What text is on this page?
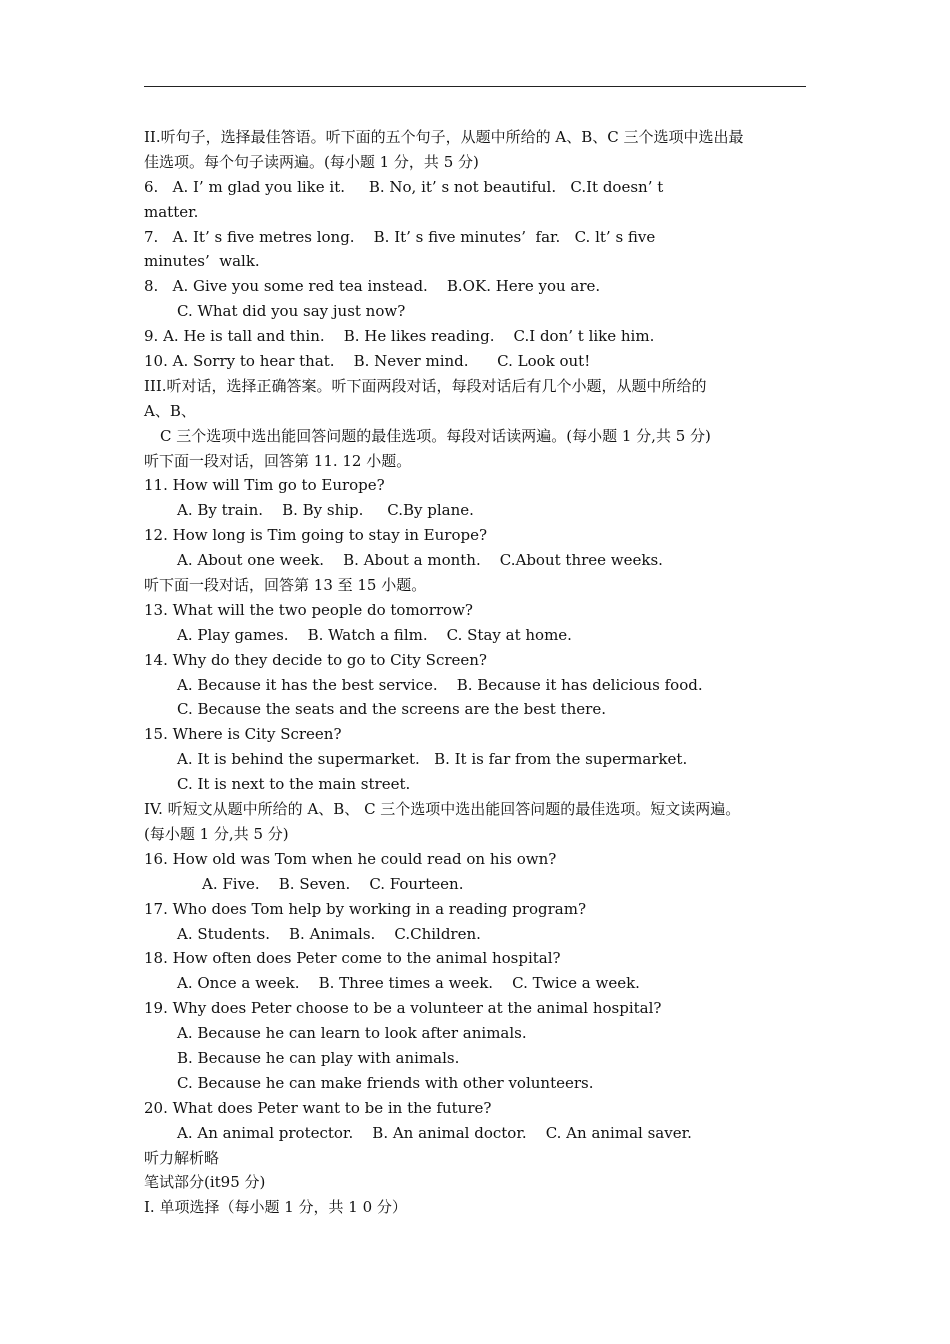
II.听句子，选择最佳答语。听下面的五个句子，从题中所给的 A、B、C 三个选项中选出最
佳选项。每个句子读两遍。(每小题 1 分，共 5 分)
6.   A. I’ m glad you like it.     B. No, it’ s not beautiful.   C.It doesn’ t
matter.
7.   A. It’ s five metres long.    B. It’ s five minutes’  far.   C. lt’ s five
minutes’  walk.
8.   A. Give you some red tea instead.    B.OK. Here you are.
C. What did you say just now?
9. A. He is tall and thin.    B. He likes reading.    C.I don’ t like him.
10. A. Sorry to hear that.    B. Never mind.      C. Look out!
III.听对话，选择正确答案。听下面两段对话，每段对话后有几个小题，从题中所给的
A、B、
C 三个选项中选出能回答问题的最佳选项。每段对话读两遍。(每小题 1 分,共 5 分)
听下面一段对话，回答第 11. 12 小题。
11. How will Tim go to Europe?
A. By train.    B. By ship.     C.By plane.
12. How long is Tim going to stay in Europe?
A. About one week.    B. About a month.    C.About three weeks.
听下面一段对话，回答第 13 至 15 小题。
13. What will the two people do tomorrow?
A. Play games.    B. Watch a film.    C. Stay at home.
14. Why do they decide to go to City Screen?
A. Because it has the best service.    B. Because it has delicious food.
C. Because the seats and the screens are the best there.
15. Where is City Screen?
A. It is behind the supermarket.   B. It is far from the supermarket.
C. It is next to the main street.
IV. 听短文从题中所给的 A、B、 C 三个选项中选出能回答问题的最佳选项。短文读两遍。
(每小题 1 分,共 5 分)
16. How old was Tom when he could read on his own?
A. Five.    B. Seven.    C. Fourteen.
17. Who does Tom help by working in a reading program?
A. Students.    B. Animals.    C.Children.
18. How often does Peter come to the animal hospital?
A. Once a week.    B. Three times a week.    C. Twice a week.
19. Why does Peter choose to be a volunteer at the animal hospital?
A. Because he can learn to look after animals.
B. Because he can play with animals.
C. Because he can make friends with other volunteers.
20. What does Peter want to be in the future?
A. An animal protector.    B. An animal doctor.    C. An animal saver.
听力解析略
笔试部分(it95 分)
I. 单项选择（每小题 1 分，共 1 0 分）
